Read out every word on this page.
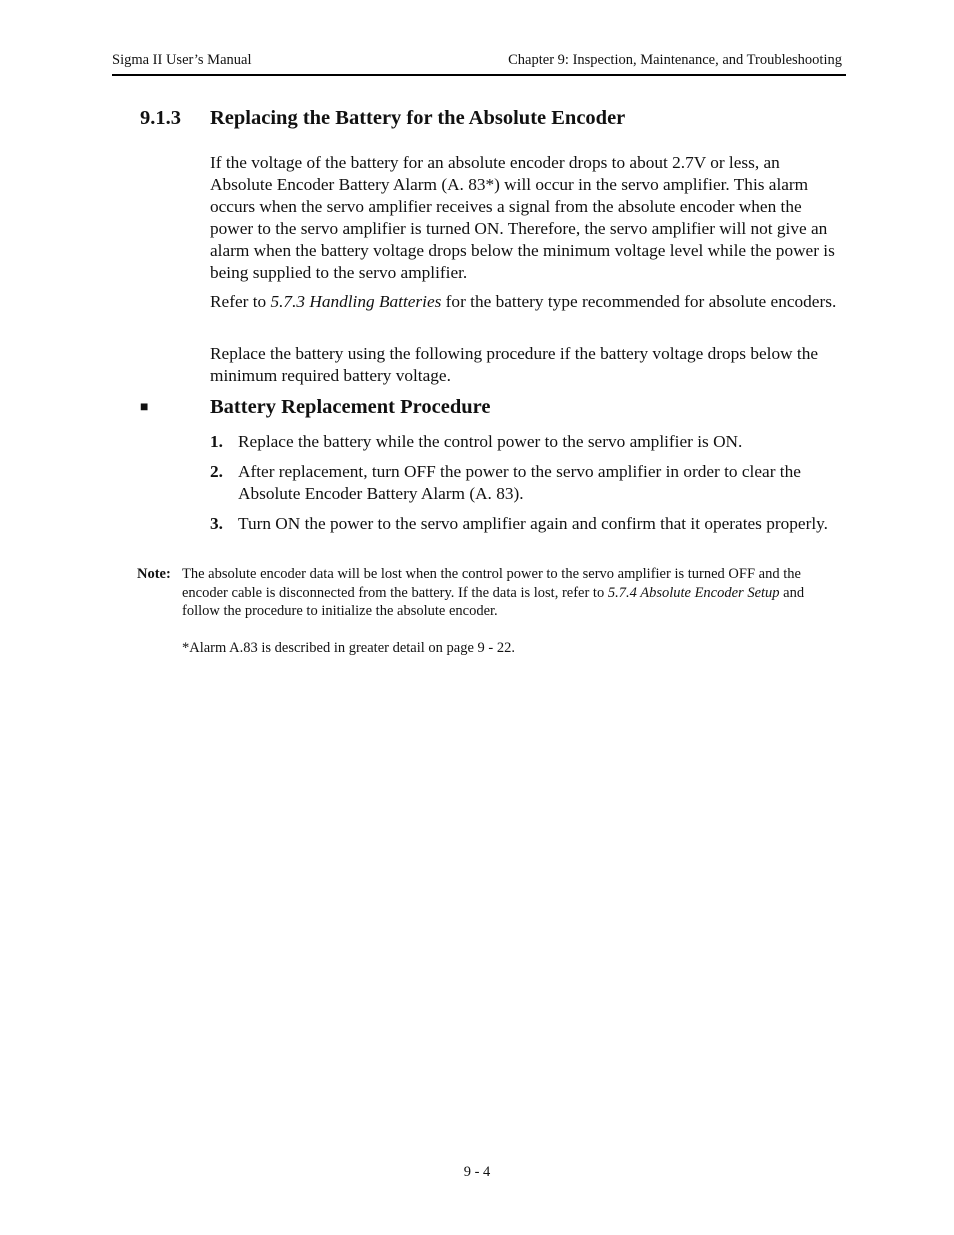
Sigma II User’s Manual	Chapter 9: Inspection, Maintenance, and Troubleshooting
9.1.3 Replacing the Battery for the Absolute Encoder

If the voltage of the battery for an absolute encoder drops to about 2.7V or less, an Absolute Encoder Battery Alarm (A. 83*) will occur in the servo amplifier. This alarm occurs when the servo amplifier receives a signal from the absolute encoder when the power to the servo amplifier is turned ON. Therefore, the servo amplifier will not give an alarm when the battery voltage drops below the minimum voltage level while the power is being supplied to the servo amplifier.

Refer to 5.7.3 Handling Batteries for the battery type recommended for absolute encoders.

Replace the battery using the following procedure if the battery voltage drops below the minimum required battery voltage.

■	Battery Replacement Procedure
1. Replace the battery while the control power to the servo amplifier is ON.
2. After replacement, turn OFF the power to the servo amplifier in order to clear the Absolute Encoder Battery Alarm (A. 83).
3. Turn ON the power to the servo amplifier again and confirm that it operates properly.
Note: The absolute encoder data will be lost when the control power to the servo amplifier is turned OFF and the encoder cable is disconnected from the battery. If the data is lost, refer to 5.7.4 Absolute Encoder Setup and follow the procedure to initialize the absolute encoder.
*Alarm A.83 is described in greater detail on page 9 - 22.
9 - 4
